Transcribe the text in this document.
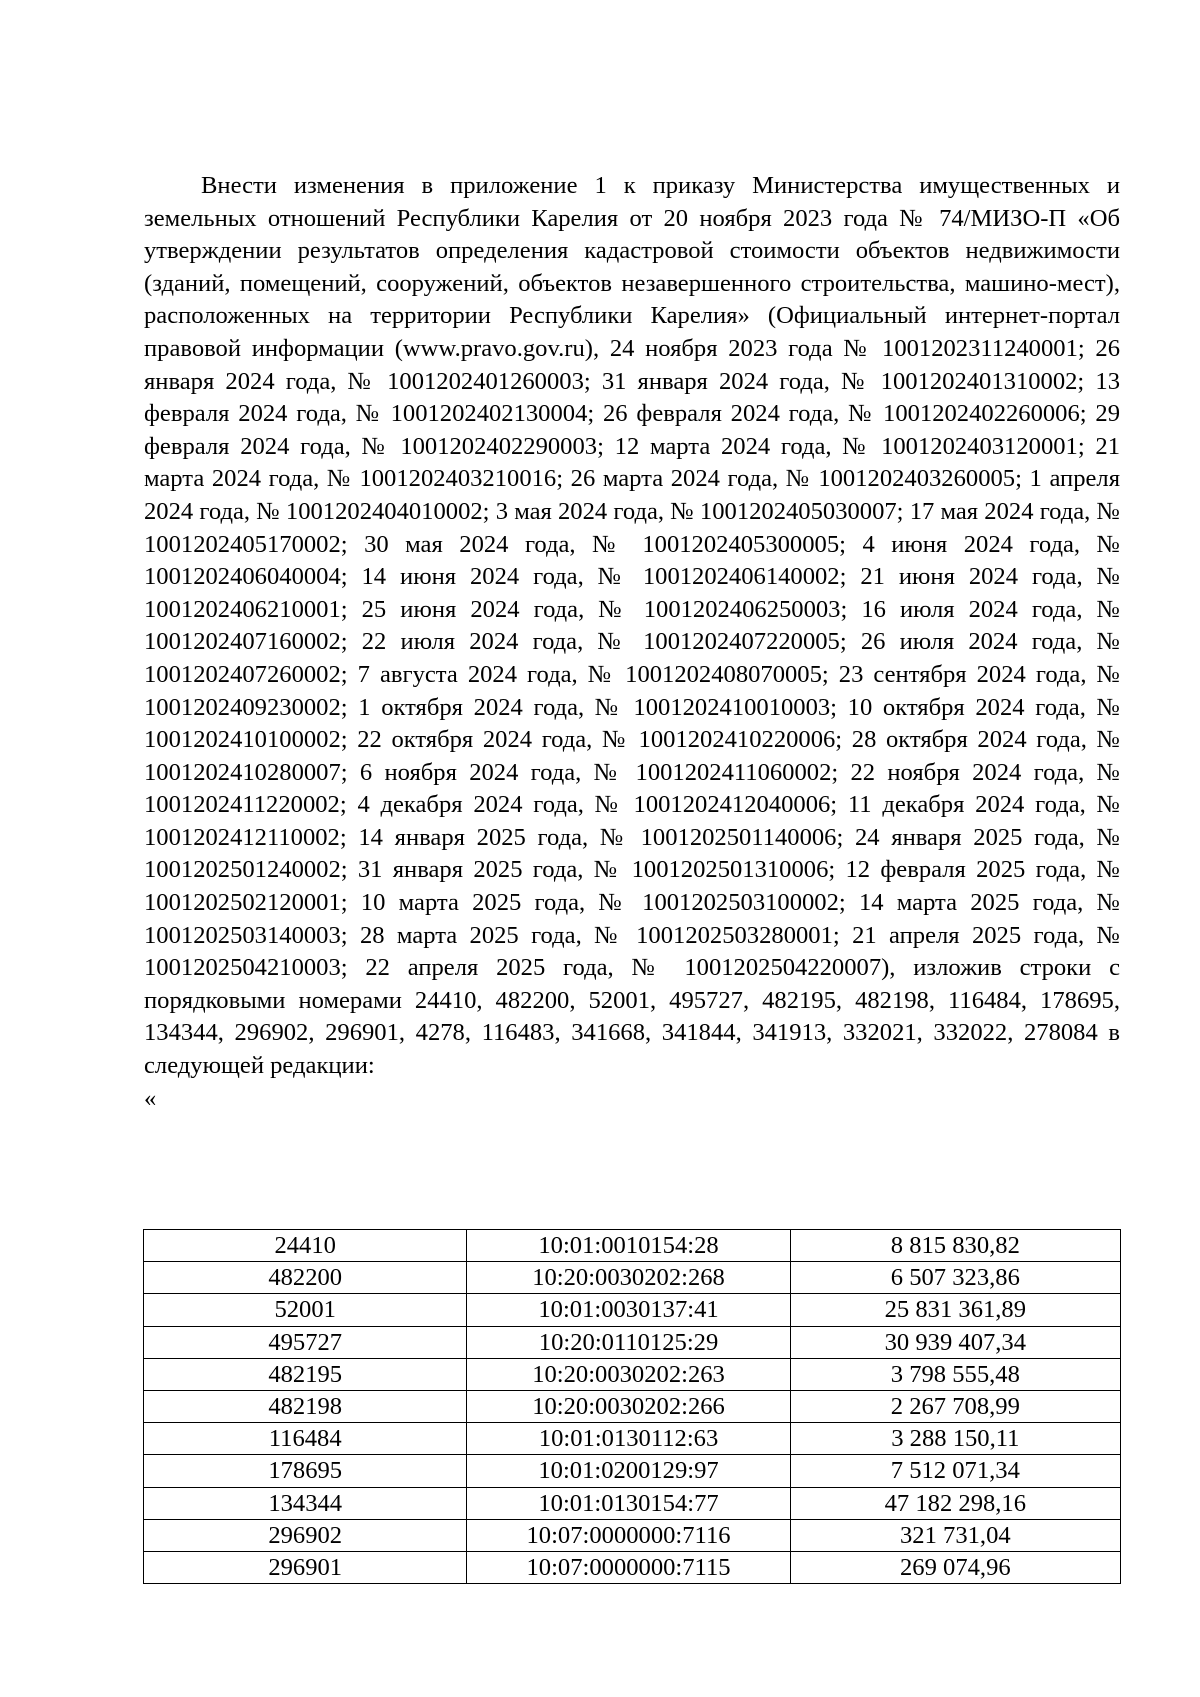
Внести изменения в приложение 1 к приказу Министерства имущественных и земельных отношений Республики Карелия от 20 ноября 2023 года № 74/МИЗО-П «Об утверждении результатов определения кадастровой стоимости объектов недвижимости (зданий, помещений, сооружений, объектов незавершенного строительства, машино-мест), расположенных на территории Республики Карелия» (Официальный интернет-портал правовой информации (www.pravo.gov.ru), 24 ноября 2023 года № 1001202311240001; 26 января 2024 года, № 1001202401260003; 31 января 2024 года, № 1001202401310002; 13 февраля 2024 года, № 1001202402130004; 26 февраля 2024 года, № 1001202402260006; 29 февраля 2024 года, № 1001202402290003; 12 марта 2024 года, № 1001202403120001; 21 марта 2024 года, № 1001202403210016; 26 марта 2024 года, № 1001202403260005; 1 апреля 2024 года, № 1001202404010002; 3 мая 2024 года, № 1001202405030007; 17 мая 2024 года, № 1001202405170002; 30 мая 2024 года, № 1001202405300005; 4 июня 2024 года, № 1001202406040004; 14 июня 2024 года, № 1001202406140002; 21 июня 2024 года, № 1001202406210001; 25 июня 2024 года, № 1001202406250003; 16 июля 2024 года, № 1001202407160002; 22 июля 2024 года, № 1001202407220005; 26 июля 2024 года, № 1001202407260002; 7 августа 2024 года, № 1001202408070005; 23 сентября 2024 года, № 1001202409230002; 1 октября 2024 года, № 1001202410010003; 10 октября 2024 года, № 1001202410100002; 22 октября 2024 года, № 1001202410220006; 28 октября 2024 года, № 1001202410280007; 6 ноября 2024 года, № 1001202411060002; 22 ноября 2024 года, № 1001202411220002; 4 декабря 2024 года, № 1001202412040006; 11 декабря 2024 года, № 1001202412110002; 14 января 2025 года, № 1001202501140006; 24 января 2025 года, № 1001202501240002; 31 января 2025 года, № 1001202501310006; 12 февраля 2025 года, № 1001202502120001; 10 марта 2025 года, № 1001202503100002; 14 марта 2025 года, № 1001202503140003; 28 марта 2025 года, № 1001202503280001; 21 апреля 2025 года, № 1001202504210003; 22 апреля 2025 года, № 1001202504220007), изложив строки с порядковыми номерами 24410, 482200, 52001, 495727, 482195, 482198, 116484, 178695, 134344, 296902, 296901, 4278, 116483, 341668, 341844, 341913, 332021, 332022, 278084 в следующей редакции:

«

24410	10:01:0010154:28	8 815 830,82
482200	10:20:0030202:268	6 507 323,86
52001	10:01:0030137:41	25 831 361,89
495727	10:20:0110125:29	30 939 407,34
482195	10:20:0030202:263	3 798 555,48
482198	10:20:0030202:266	2 267 708,99
116484	10:01:0130112:63	3 288 150,11
178695	10:01:0200129:97	7 512 071,34
134344	10:01:0130154:77	47 182 298,16
296902	10:07:0000000:7116	321 731,04
296901	10:07:0000000:7115	269 074,96
